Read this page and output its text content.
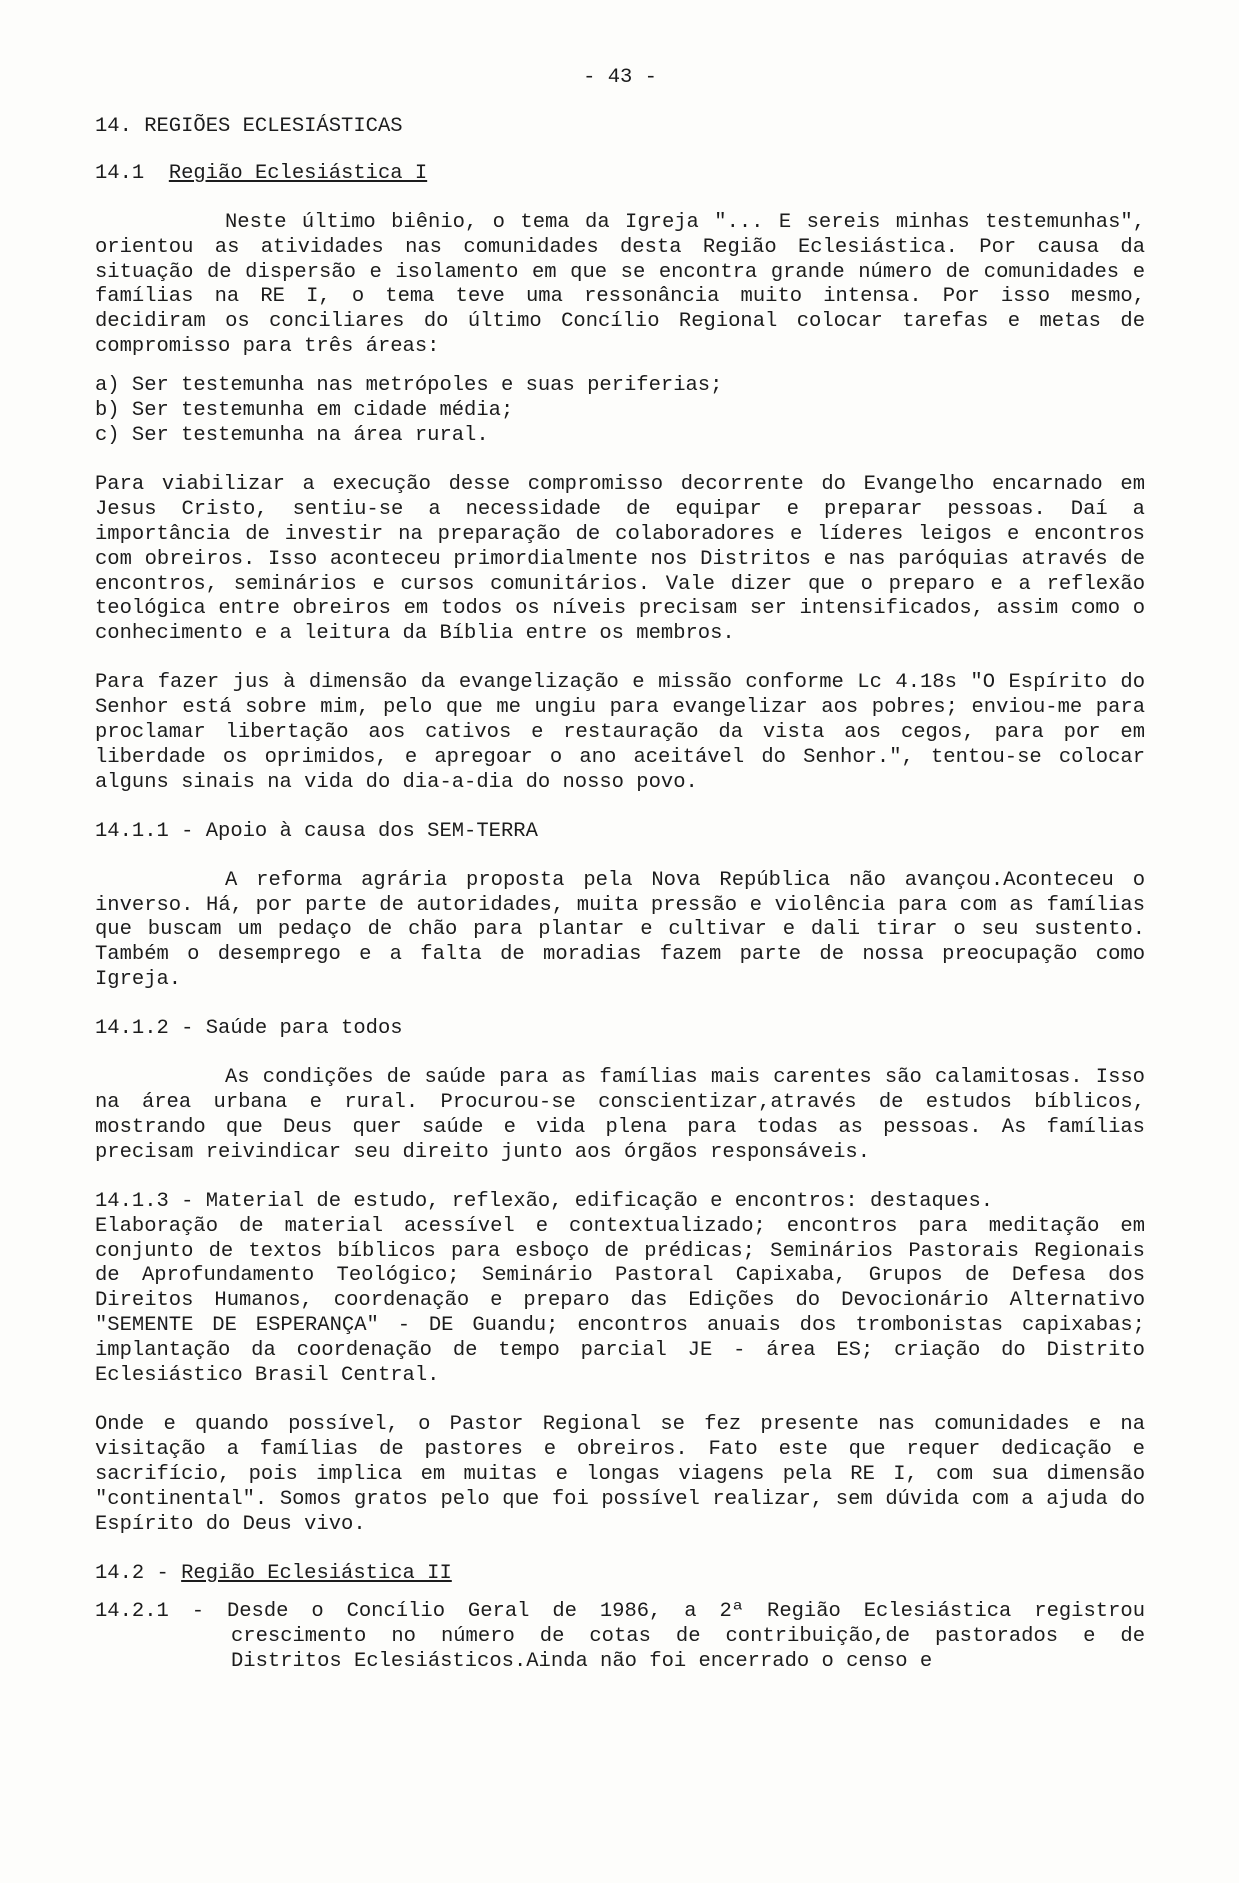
- 43 -

14. REGIÕES ECLESIÁSTICAS

14.1 Região Eclesiástica I

Neste último biênio, o tema da Igreja "... E sereis minhas testemunhas", orientou as atividades nas comunidades desta Região Eclesiástica. Por causa da situação de dispersão e isolamento em que se encontra grande número de comunidades e famílias na RE I, o tema teve uma ressonância muito intensa. Por isso mesmo, decidiram os conciliares do último Concílio Regional colocar tarefas e metas de compromisso para três áreas:

a) Ser testemunha nas metrópoles e suas periferias;

b) Ser testemunha em cidade média;

c) Ser testemunha na área rural.

Para viabilizar a execução desse compromisso decorrente do Evangelho encarnado em Jesus Cristo, sentiu-se a necessidade de equipar e preparar pessoas. Daí a importância de investir na preparação de colaboradores e líderes leigos e encontros com obreiros. Isso aconteceu primordialmente nos Distritos e nas paróquias através de encontros, seminários e cursos comunitários. Vale dizer que o preparo e a reflexão teológica entre obreiros em todos os níveis precisam ser intensificados, assim como o conhecimento e a leitura da Bíblia entre os membros.

Para fazer jus à dimensão da evangelização e missão conforme Lc 4.18s "O Espírito do Senhor está sobre mim, pelo que me ungiu para evangelizar aos pobres; enviou-me para proclamar libertação aos cativos e restauração da vista aos cegos, para por em liberdade os oprimidos, e apregoar o ano aceitável do Senhor.", tentou-se colocar alguns sinais na vida do dia-a-dia do nosso povo.

14.1.1 - Apoio à causa dos SEM-TERRA

A reforma agrária proposta pela Nova República não avançou.Aconteceu o inverso. Há, por parte de autoridades, muita pressão e violência para com as famílias que buscam um pedaço de chão para plantar e cultivar e dali tirar o seu sustento. Também o desemprego e a falta de moradias fazem parte de nossa preocupação como Igreja.

14.1.2 - Saúde para todos

As condições de saúde para as famílias mais carentes são calamitosas. Isso na área urbana e rural. Procurou-se conscientizar,através de estudos bíblicos, mostrando que Deus quer saúde e vida plena para todas as pessoas. As famílias precisam reivindicar seu direito junto aos órgãos responsáveis.

14.1.3 - Material de estudo, reflexão, edificação e encontros: destaques.

Elaboração de material acessível e contextualizado; encontros para meditação em conjunto de textos bíblicos para esboço de prédicas; Seminários Pastorais Regionais de Aprofundamento Teológico; Seminário Pastoral Capixaba, Grupos de Defesa dos Direitos Humanos, coordenação e preparo das Edições do Devocionário Alternativo "SEMENTE DE ESPERANÇA" - DE Guandu; encontros anuais dos trombonistas capixabas; implantação da coordenação de tempo parcial JE - área ES; criação do Distrito Eclesiástico Brasil Central.

Onde e quando possível, o Pastor Regional se fez presente nas comunidades e na visitação a famílias de pastores e obreiros. Fato este que requer dedicação e sacrifício, pois implica em muitas e longas viagens pela RE I, com sua dimensão "continental". Somos gratos pelo que foi possível realizar, sem dúvida com a ajuda do Espírito do Deus vivo.

14.2 - Região Eclesiástica II

14.2.1 - Desde o Concílio Geral de 1986, a 2ª Região Eclesiástica registrou crescimento no número de cotas de contribuição,de pastorados e de Distritos Eclesiásticos.Ainda não foi encerrado o censo e
